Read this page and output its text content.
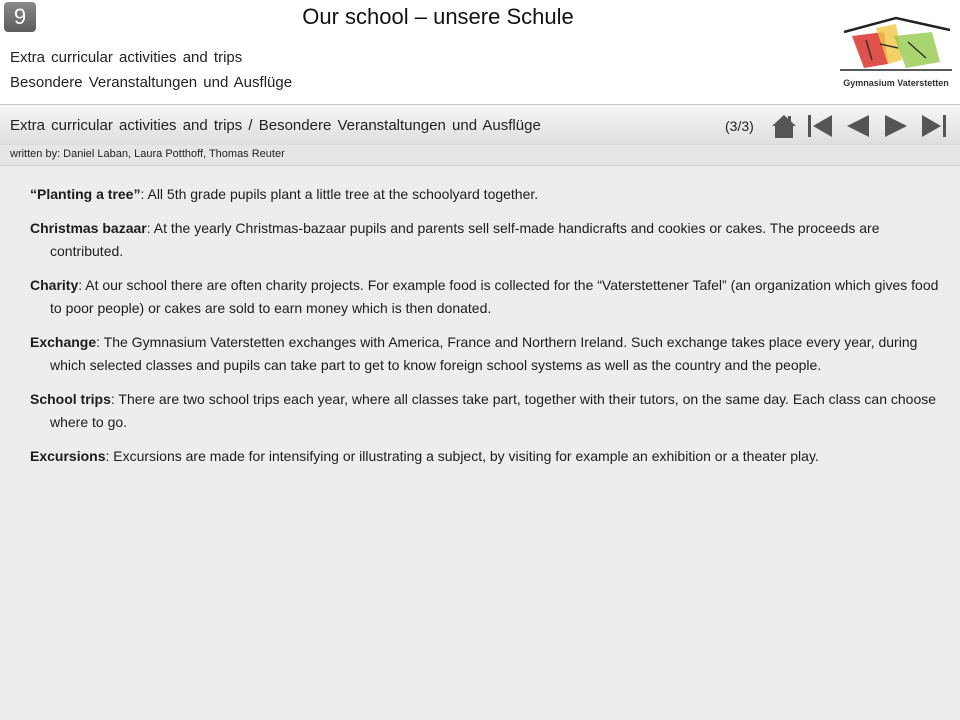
9	Our school – unsere Schule
Extra curricular activities and trips
Besondere Veranstaltungen und Ausflüge	Gymnasium Vaterstetten
Extra curricular activities and trips / Besondere Veranstaltungen und Ausflüge	(3/3)
written by: Daniel Laban, Laura Potthoff, Thomas Reuter

“Planting a tree”: All 5th grade pupils plant a little tree at the schoolyard together.

Christmas bazaar: At the yearly Christmas-bazaar pupils and parents sell self-made handicrafts and cookies or cakes. The proceeds are contributed.

Charity: At our school there are often charity projects. For example food is collected for the “Vaterstettener Tafel” (an organization which gives food to poor people) or cakes are sold to earn money which is then donated.

Exchange: The Gymnasium Vaterstetten exchanges with America, France and Northern Ireland. Such exchange takes place every year, during which selected classes and pupils can take part to get to know foreign school systems as well as the country and the people.

School trips: There are two school trips each year, where all classes take part, together with their tutors, on the same day. Each class can choose where to go.

Excursions: Excursions are made for intensifying or illustrating a subject, by visiting for example an exhibition or a theater play.
